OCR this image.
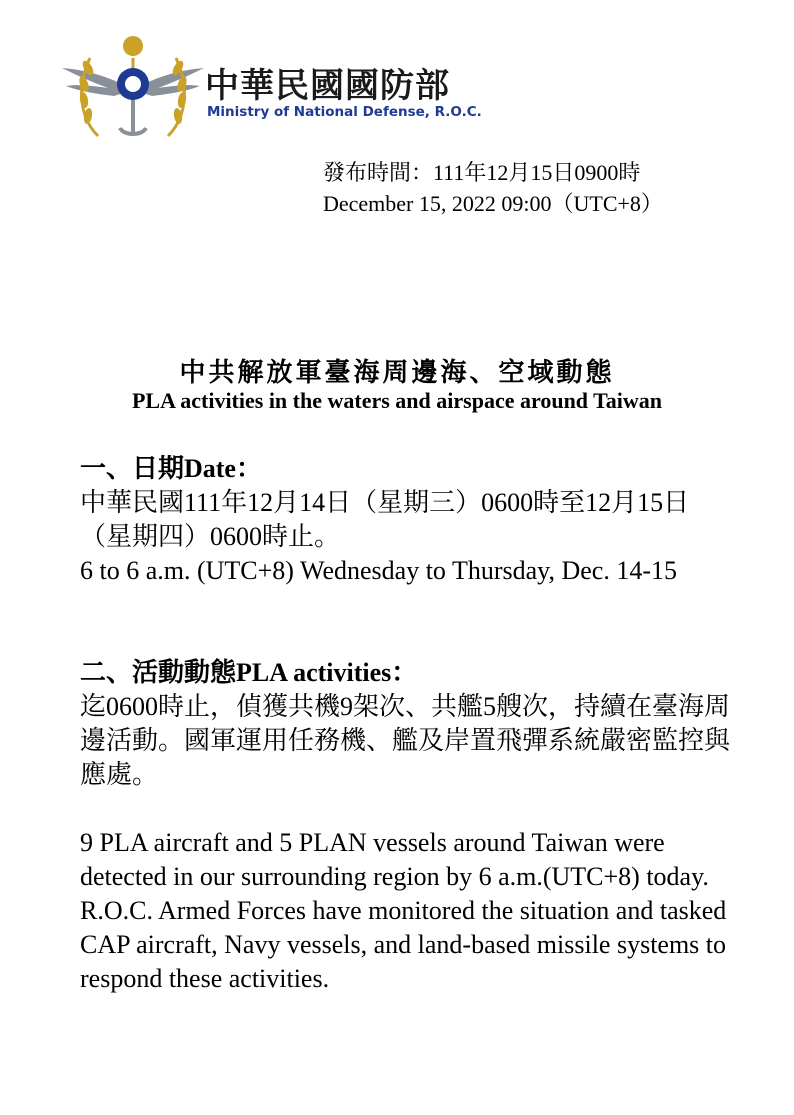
中華民國國防部
Ministry of National Defense, R.O.C.
發布時間：111年12月15日0900時
December 15, 2022 09:00（UTC+8）
中共解放軍臺海周邊海、空域動態
PLA activities in the waters and airspace around Taiwan
一、日期Date：

中華民國111年12月14日（星期三）0600時至12月15日（星期四）0600時止。

6 to 6 a.m. (UTC+8) Wednesday to Thursday, Dec. 14-15

二、活動動態PLA activities：

迄0600時止，偵獲共機9架次、共艦5艘次，持續在臺海周邊活動。國軍運用任務機、艦及岸置飛彈系統嚴密監控與應處。

9 PLA aircraft and 5 PLAN vessels around Taiwan were detected in our surrounding region by 6 a.m.(UTC+8) today. R.O.C. Armed Forces have monitored the situation and tasked CAP aircraft, Navy vessels, and land-based missile systems to respond these activities.
